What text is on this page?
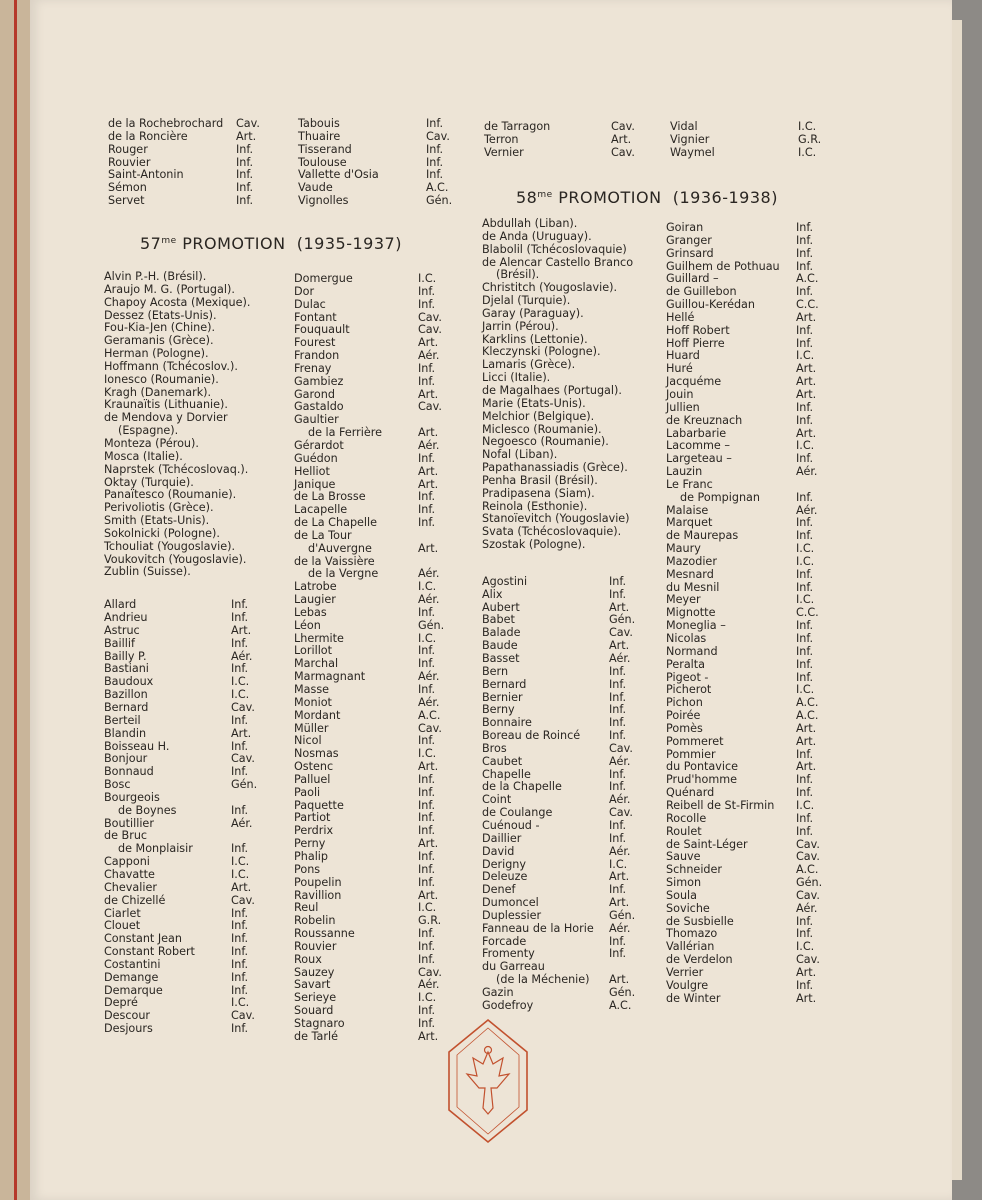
de la Rochebrochard Cav.
de la Roncière	Art.
Rouger	Inf.
Rouvier	Inf.
Saint-Antonin	Inf.
Sémon	Inf.
Servet	Inf.
Tabouis	Inf.
Thuaire	Cav.
Tisserand	Inf.
Toulouse	Inf.
Vallette d'Osia	Inf.
Vaude	A.C.
Vignolles	Gén.
de Tarragon	Cav.
Terron	Art.
Vernier	Cav.
Vidal	I.C.
Vignier	G.R.
Waymel	I.C.
$57^{me}$ PROMOTION (1935-1937)
$58^{me}$ PROMOTION (1936-1938)
Alvin P.-H. (Brésil).
Araujo M. G. (Portugal).
Chapoy Acosta (Mexique).
Dessez (Etats-Unis).
Fou-Kia-Jen (Chine).
Geramanis (Grèce).
Herman (Pologne).
Hoffmann (Tchécoslov.).
Ionesco (Roumanie).
Kragh (Danemark).
Kraunaïtis (Lithuanie).
de Mendova y Dorvier
(Espagne).
Monteza (Pérou).
Mosca (Italie).
Naprstek (Tchécoslovaq.).
Oktay (Turquie).
Panaïtesco (Roumanie).
Perivoliotis (Grèce).
Smith (Etats-Unis).
Sokolnicki (Pologne).
Tchouliat (Yougoslavie).
Voukovitch (Yougoslavie).
Zublin (Suisse).
Allard	Inf.
Andrieu	Inf.
Astruc	Art.
Baillif	Inf.
Bailly P.	Aér.
Bastiani	Inf.
Baudoux	I.C.
Bazillon	I.C.
Bernard	Cav.
Berteil	Inf.
Blandin	Art.
Boisseau H.	Inf.
Bonjour	Cav.
Bonnaud	Inf.
Bosc	Gén.
Bourgeois
de Boynes	Inf.
Boutillier	Aér.
de Bruc
de Monplaisir	Inf.
Capponi	I.C.
Chavatte	I.C.
Chevalier	Art.
de Chizellé	Cav.
Ciarlet	Inf.
Clouet	Inf.
Constant Jean	Inf.
Constant Robert	Inf.
Costantini	Inf.
Demange	Inf.
Demarque	Inf.
Depré	I.C.
Descour	Cav.
Desjours	Inf.
Domergue	I.C.
Dor	Inf.
Dulac	Inf.
Fontant	Cav.
Fouquault	Cav.
Fourest	Art.
Frandon	Aér.
Frenay	Inf.
Gambiez	Inf.
Garond	Art.
Gastaldo	Cav.
Gaultier
de la Ferrière	Art.
Gérardot	Aér.
Guédon	Inf.
Helliot	Art.
Janique	Art.
de La Brosse	Inf.
Lacapelle	Inf.
de La Chapelle	Inf.
de La Tour
d'Auvergne	Art.
de la Vaissière
de la Vergne	Aér.
Latrobe	I.C.
Laugier	Aér.
Lebas	Inf.
Léon	Gén.
Lhermite	I.C.
Lorillot	Inf.
Marchal	Inf.
Marmagnant	Aér.
Masse	Inf.
Moniot	Aér.
Mordant	A.C.
Müller	Cav.
Nicol	Inf.
Nosmas	I.C.
Ostenc	Art.
Palluel	Inf.
Paoli	Inf.
Paquette	Inf.
Partiot	Inf.
Perdrix	Inf.
Perny	Art.
Phalip	Inf.
Pons	Inf.
Poupelin	Inf.
Ravillion	Art.
Reul	I.C.
Robelin	G.R.
Roussanne	Inf.
Rouvier	Inf.
Roux	Inf.
Sauzey	Cav.
Savart	Aér.
Serieye	I.C.
Souard	Inf.
Stagnaro	Inf.
de Tarlé	Art.
Abdullah (Liban).
de Anda (Uruguay).
Blabolil (Tchécoslovaquie)
de Alencar Castello Branco
(Brésil).
Christitch (Yougoslavie).
Djelal (Turquie).
Garay (Paraguay).
Jarrin (Pérou).
Karklins (Lettonie).
Kleczynski (Pologne).
Lamaris (Grèce).
Licci (Italie).
de Magalhaes (Portugal).
Marie (Etats-Unis).
Melchior (Belgique).
Miclesco (Roumanie).
Negoesco (Roumanie).
Nofal (Liban).
Papathanassiadis (Grèce).
Penha Brasil (Brésil).
Pradipasena (Siam).
Reinola (Esthonie).
Stanoïevitch (Yougoslavie)
Svata (Tchécoslovaquie).
Szostak (Pologne).
Agostini	Inf.
Alix	Inf.
Aubert	Art.
Babet	Gén.
Balade	Cav.
Baude	Art.
Basset	Aér.
Bern	Inf.
Bernard	Inf.
Bernier	Inf.
Berny	Inf.
Bonnaire	Inf.
Boreau de Roincé	Inf.
Bros	Cav.
Caubet	Aér.
Chapelle	Inf.
de la Chapelle	Inf.
Coint	Aér.
de Coulange	Cav.
Cuénoud -	Inf.
Daillier	Inf.
David	Aér.
Derigny	I.C.
Deleuze	Art.
Denef	Inf.
Dumoncel	Art.
Duplessier	Gén.
Fanneau de la Horie Aér.
Forcade	Inf.
Fromenty	Inf.
du Garreau
(de la Méchenie) Art.
Gazin	Gén.
Godefroy	A.C.
Goiran	Inf.
Granger	Inf.
Grinsard	Inf.
Guilhem de Pothuau Inf.
Guillard –	A.C.
de Guillebon	Inf.
Guillou-Kerédan	C.C.
Hellé	Art.
Hoff Robert	Inf.
Hoff Pierre	Inf.
Huard	I.C.
Huré	Art.
Jacquéme	Art.
Jouin	Art.
Jullien	Inf.
de Kreuznach	Inf.
Labarbarie	Art.
Lacomme –	I.C.
Largeteau –	Inf.
Lauzin	Aér.
Le Franc
de Pompignan	Inf.
Malaise	Aér.
Marquet	Inf.
de Maurepas	Inf.
Maury	I.C.
Mazodier	I.C.
Mesnard	Inf.
du Mesnil	Inf.
Meyer	I.C.
Mignotte	C.C.
Moneglia –	Inf.
Nicolas	Inf.
Normand	Inf.
Peralta	Inf.
Pigeot -	Inf.
Picherot	I.C.
Pichon	A.C.
Poirée	A.C.
Pomès	Art.
Pommeret	Art.
Pommier	Inf.
du Pontavice	Art.
Prud'homme	Inf.
Quénard	Inf.
Reibell de St-Firmin I.C.
Rocolle	Inf.
Roulet	Inf.
de Saint-Léger	Cav.
Sauve	Cav.
Schneider	A.C.
Simon	Gén.
Soula	Cav.
Soviche	Aér.
de Susbielle	Inf.
Thomazo	Inf.
Vallérian	I.C.
de Verdelon	Cav.
Verrier	Art.
Voulgre	Inf.
de Winter	Art.
